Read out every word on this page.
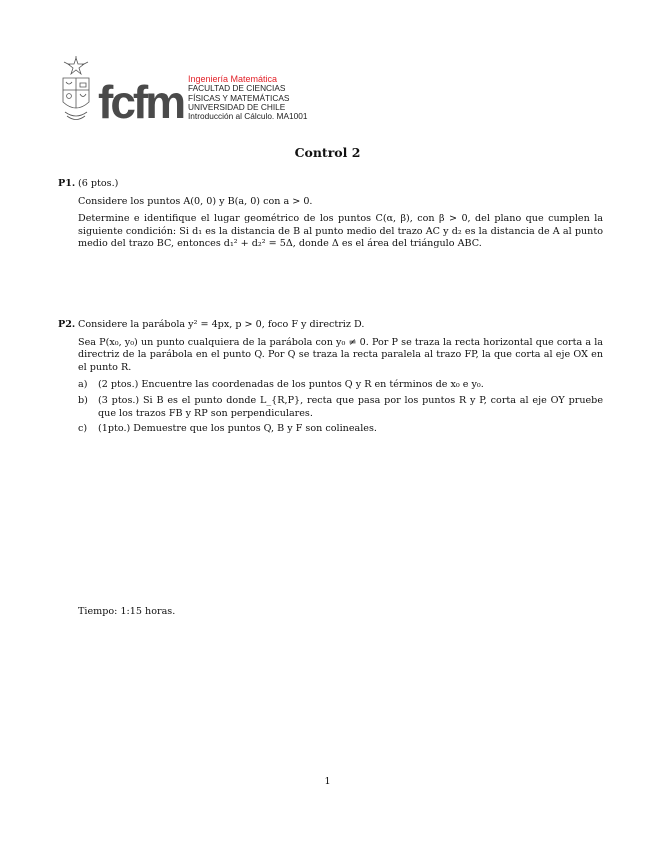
fcfm Ingeniería Matemática
FACULTAD DE CIENCIAS
FÍSICAS Y MATEMÁTICAS
UNIVERSIDAD DE CHILE
Introducción al Cálculo. MA1001
Control 2
P1. (6 ptos.)

Considere los puntos A(0, 0) y B(a, 0) con a > 0.

Determine e identifique el lugar geométrico de los puntos C(α, β), con β > 0, del plano que cumplen la siguiente condición: Si d₁ es la distancia de B al punto medio del trazo AC y d₂ es la distancia de A al punto medio del trazo BC, entonces d₁² + d₂² = 5Δ, donde Δ es el área del triángulo ABC.

P2. Considere la parábola y² = 4px, p > 0, foco F y directriz D.

Sea P(x₀, y₀) un punto cualquiera de la parábola con y₀ ≠ 0. Por P se traza la recta horizontal que corta a la directriz de la parábola en el punto Q. Por Q se traza la recta paralela al trazo FP, la que corta al eje OX en el punto R.

a) (2 ptos.) Encuentre las coordenadas de los puntos Q y R en términos de x₀ e y₀.
b) (3 ptos.) Si B es el punto donde L_{R,P}, recta que pasa por los puntos R y P, corta al eje OY pruebe que los trazos FB y RP son perpendiculares.
c) (1pto.) Demuestre que los puntos Q, B y F son colineales.
Tiempo: 1:15 horas.
1
